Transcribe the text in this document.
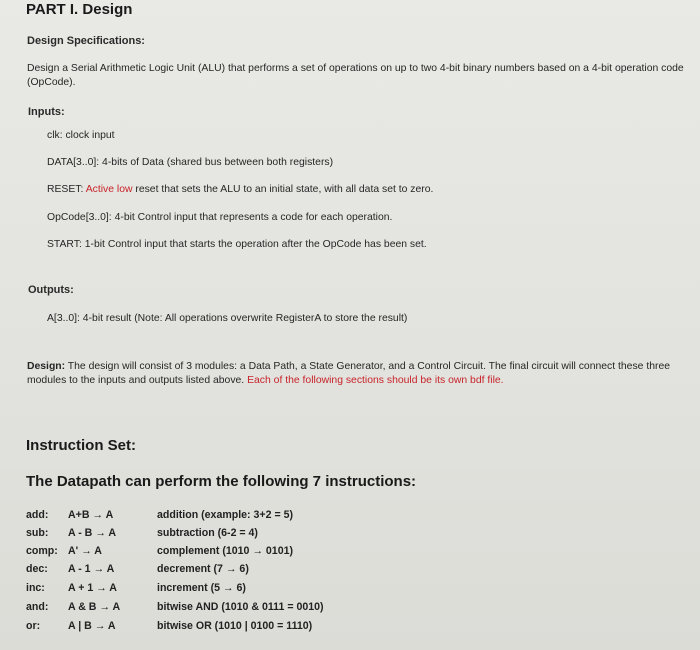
PART I. Design
Design Specifications:
Design a Serial Arithmetic Logic Unit (ALU) that performs a set of operations on up to two 4-bit binary numbers based on a 4-bit operation code (OpCode).
Inputs:
clk: clock input
DATA[3..0]: 4-bits of Data (shared bus between both registers)
RESET: Active low reset that sets the ALU to an initial state, with all data set to zero.
OpCode[3..0]: 4-bit Control input that represents a code for each operation.
START: 1-bit Control input that starts the operation after the OpCode has been set.
Outputs:
A[3..0]: 4-bit result (Note: All operations overwrite RegisterA to store the result)
Design: The design will consist of 3 modules: a Data Path, a State Generator, and a Control Circuit. The final circuit will connect these three modules to the inputs and outputs listed above. Each of the following sections should be its own bdf file.
Instruction Set:
The Datapath can perform the following 7 instructions:
add: A+B → A	addition (example: 3+2 = 5)
sub: A - B → A	subtraction (6-2 = 4)
comp: A' → A	complement (1010 → 0101)
dec: A - 1 → A	decrement (7 → 6)
inc: A + 1 → A	increment (5 → 6)
and: A & B → A	bitwise AND (1010 & 0111 = 0010)
or:	A | B → A	bitwise OR (1010 | 0100 = 1110)
